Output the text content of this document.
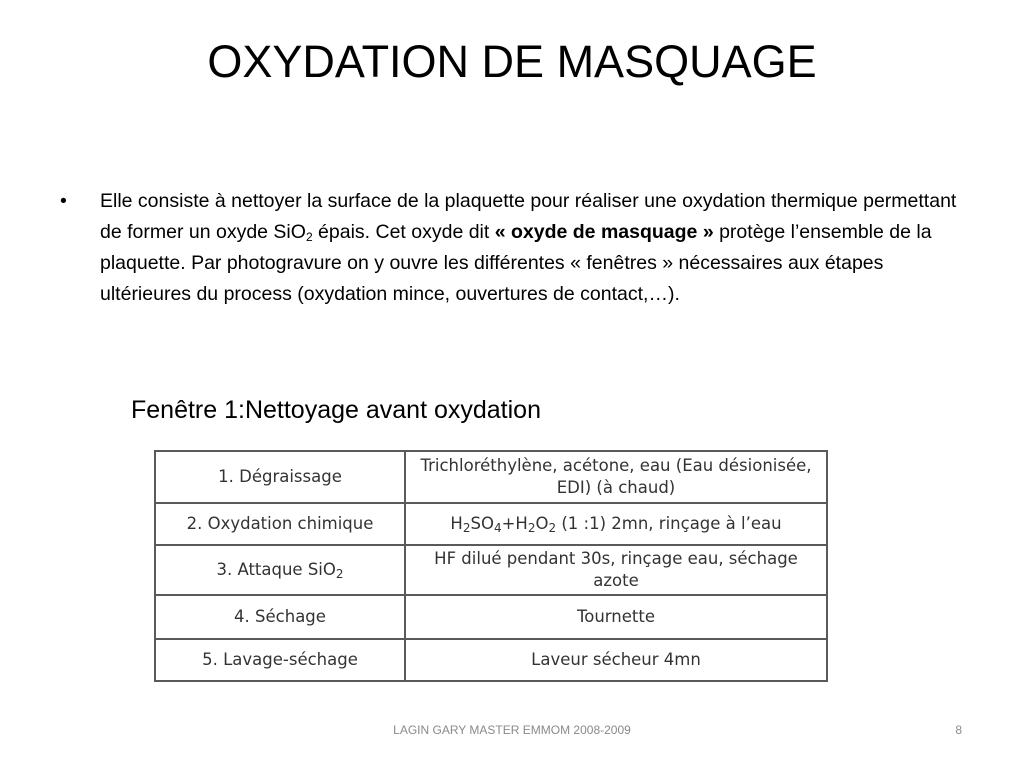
OXYDATION DE MASQUAGE
•	Elle consiste à nettoyer la surface de la plaquette pour réaliser une oxydation thermique permettant de former un oxyde SiO$_2$ épais. Cet oxyde dit « oxyde de masquage » protège l’ensemble de la plaquette. Par photogravure on y ouvre les différentes « fenêtres » nécessaires aux étapes ultérieures du process (oxydation mince, ouvertures de contact,…).
Fenêtre 1:Nettoyage avant oxydation
1. Dégraissage	Trichloréthylène, acétone, eau (Eau désionisée, EDI) (à chaud)
2. Oxydation chimique	$H_2SO_4+H_2O_2$ (1 :1) 2mn, rinçage à l’eau
3. Attaque SiO$_2$	HF dilué pendant 30s, rinçage eau, séchage azote
4. Séchage	Tournette
5. Lavage-séchage	Laveur sécheur 4mn
LAGIN GARY MASTER EMMOM 2008-2009	8
